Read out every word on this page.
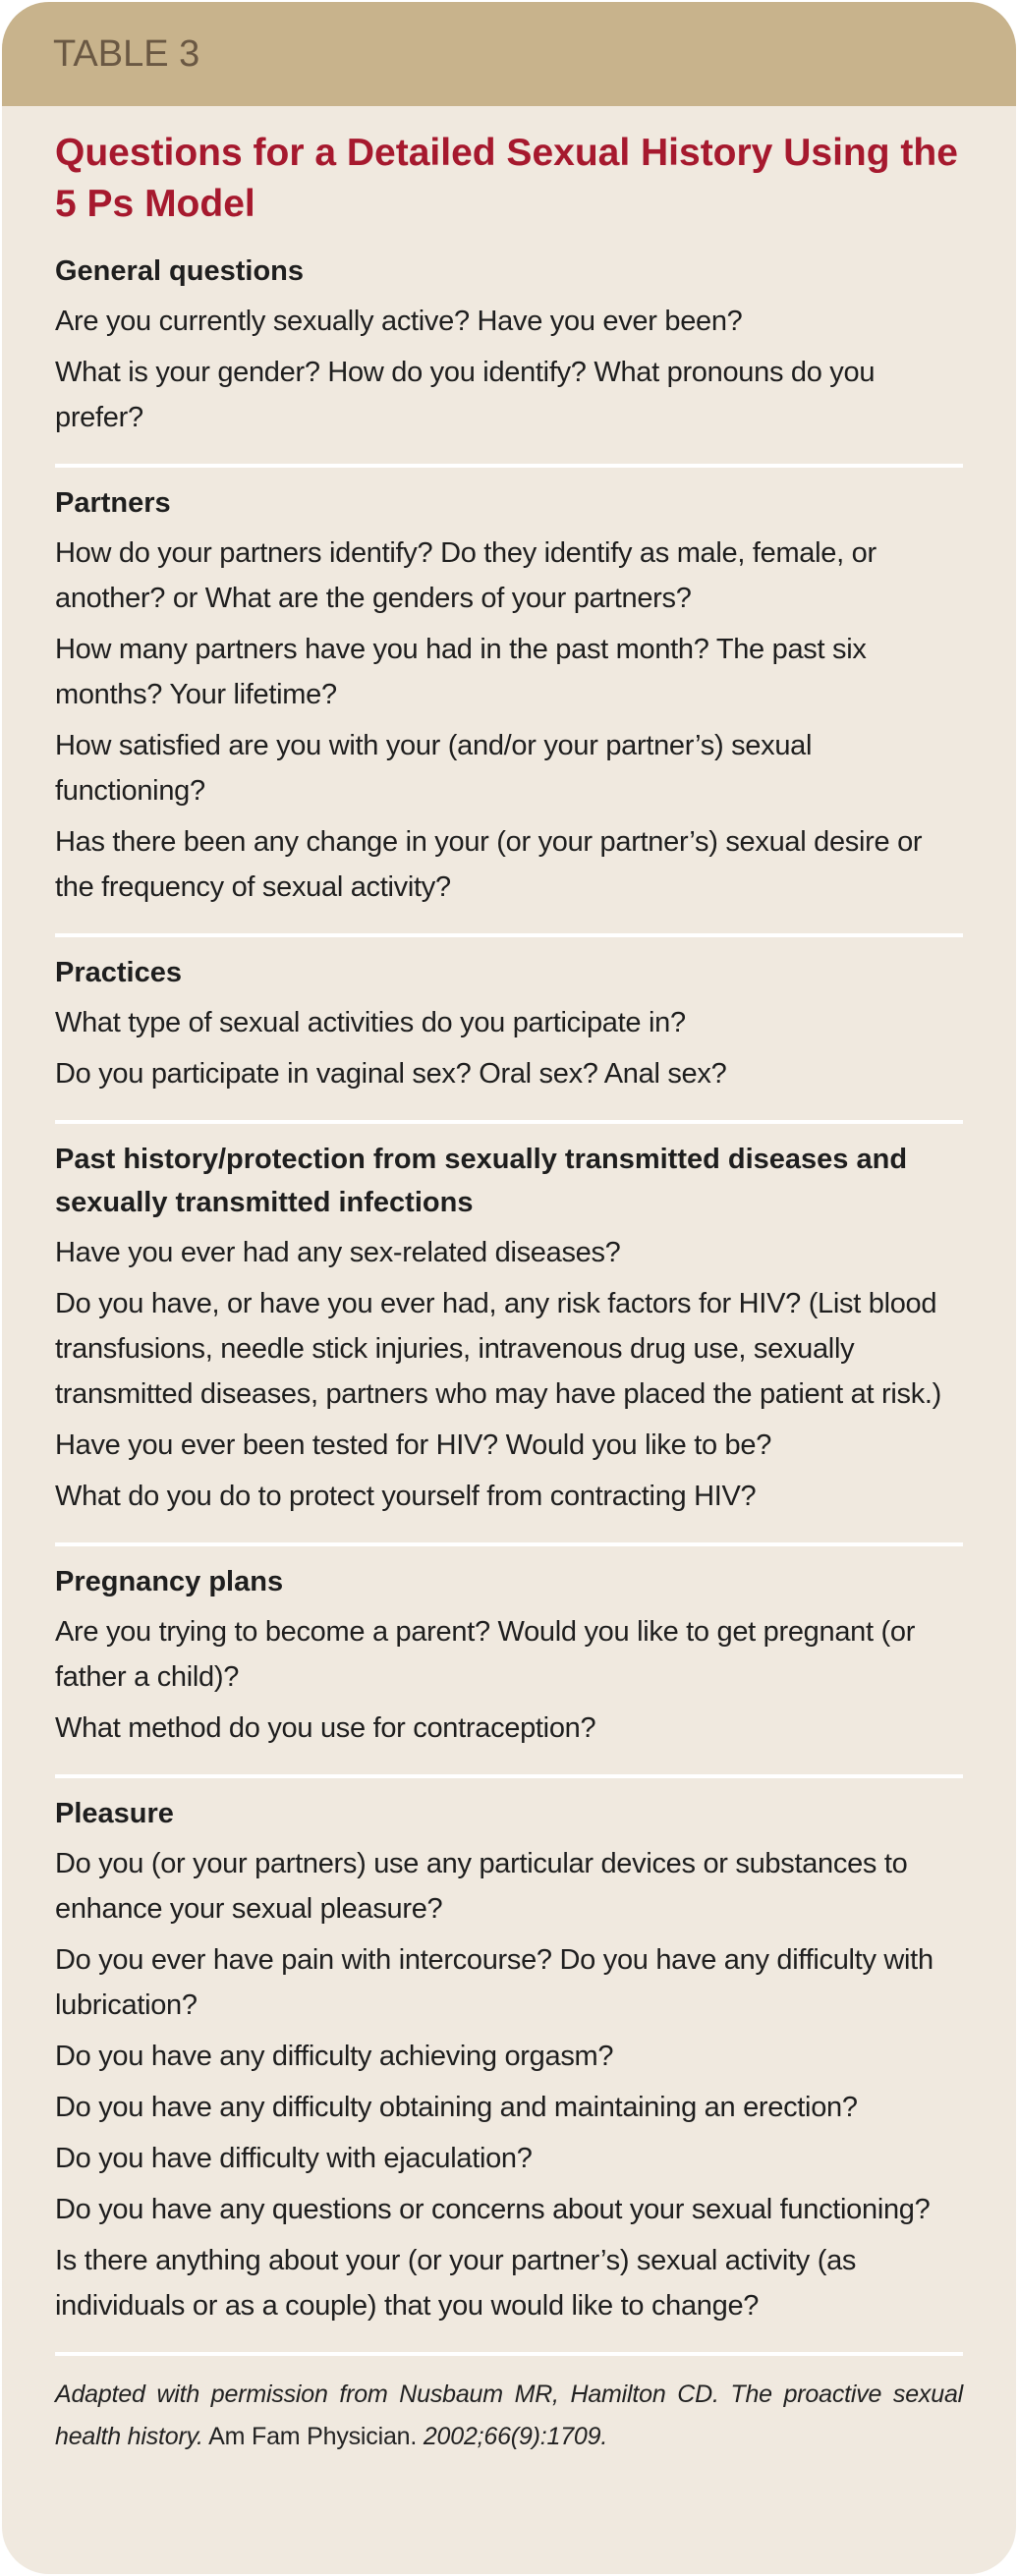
TABLE 3
Questions for a Detailed Sexual History Using the 5 Ps Model
General questions
Are you currently sexually active? Have you ever been?
What is your gender? How do you identify? What pronouns do you prefer?
Partners
How do your partners identify? Do they identify as male, female, or another? or What are the genders of your partners?
How many partners have you had in the past month? The past six months? Your lifetime?
How satisfied are you with your (and/or your partner’s) sexual functioning?
Has there been any change in your (or your partner’s) sexual desire or the frequency of sexual activity?
Practices
What type of sexual activities do you participate in?
Do you participate in vaginal sex? Oral sex? Anal sex?
Past history/protection from sexually transmitted diseases and sexually transmitted infections
Have you ever had any sex-related diseases?
Do you have, or have you ever had, any risk factors for HIV? (List blood transfusions, needle stick injuries, intravenous drug use, sexually transmitted diseases, partners who may have placed the patient at risk.)
Have you ever been tested for HIV? Would you like to be?
What do you do to protect yourself from contracting HIV?
Pregnancy plans
Are you trying to become a parent? Would you like to get pregnant (or father a child)?
What method do you use for contraception?
Pleasure
Do you (or your partners) use any particular devices or substances to enhance your sexual pleasure?
Do you ever have pain with intercourse? Do you have any difficulty with lubrication?
Do you have any difficulty achieving orgasm?
Do you have any difficulty obtaining and maintaining an erection?
Do you have difficulty with ejaculation?
Do you have any questions or concerns about your sexual functioning?
Is there anything about your (or your partner’s) sexual activity (as individuals or as a couple) that you would like to change?
Adapted with permission from Nusbaum MR, Hamilton CD. The proactive sexual health history. Am Fam Physician. 2002;66(9):1709.
